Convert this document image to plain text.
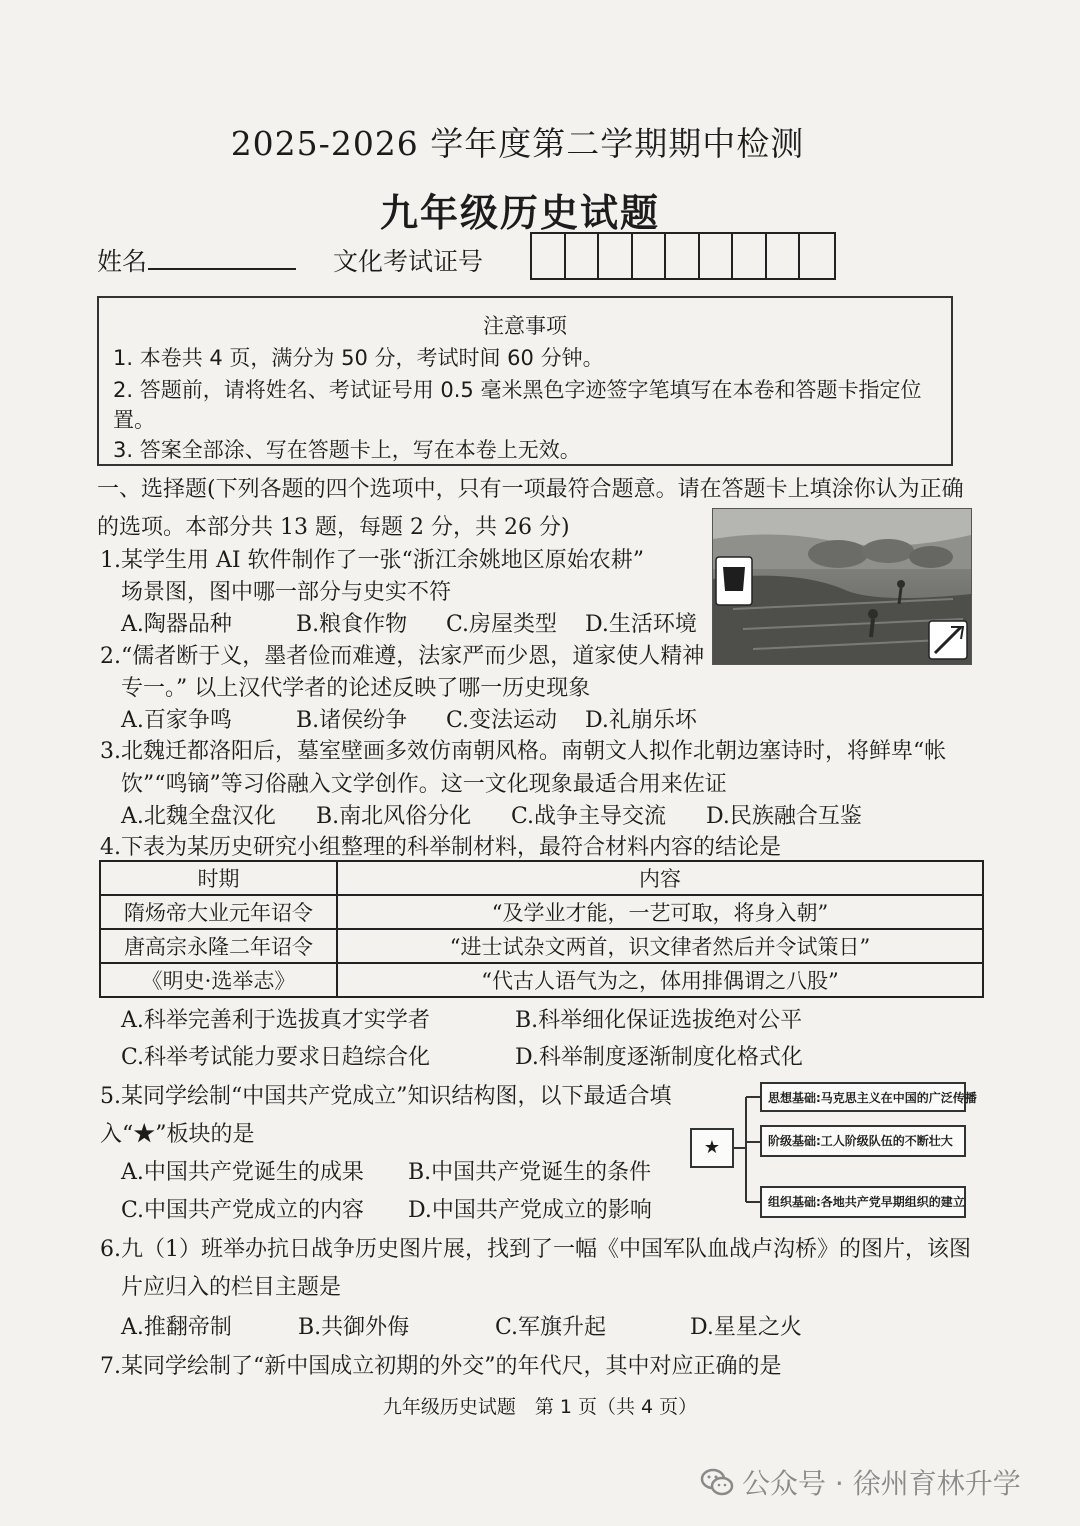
2025-2026 学年度第二学期期中检测
九年级历史试题
姓名	文化考试证号
注意事项
1. 本卷共 4 页，满分为 50 分，考试时间 60 分钟。
2. 答题前，请将姓名、考试证号用 0.5 毫米黑色字迹签字笔填写在本卷和答题卡指定位
置。
3. 答案全部涂、写在答题卡上，写在本卷上无效。
一、选择题(下列各题的四个选项中，只有一项最符合题意。请在答题卡上填涂你认为正确
的选项。本部分共 13 题，每题 2 分，共 26 分)
1.某学生用 AI 软件制作了一张“浙江余姚地区原始农耕”
场景图，图中哪一部分与史实不符
A.陶器品种	B.粮食作物 C.房屋类型 D.生活环境
2.“儒者断于义，墨者俭而难遵，法家严而少恩，道家使人精神
专一。” 以上汉代学者的论述反映了哪一历史现象
A.百家争鸣	B.诸侯纷争 C.变法运动 D.礼崩乐坏
3.北魏迁都洛阳后，墓室壁画多效仿南朝风格。南朝文人拟作北朝边塞诗时，将鲜卑“帐
饮”“鸣镝”等习俗融入文学创作。这一文化现象最适合用来佐证
A.北魏全盘汉化 B.南北风俗分化 C.战争主导交流 D.民族融合互鉴
4.下表为某历史研究小组整理的科举制材料，最符合材料内容的结论是
时期	内容
隋炀帝大业元年诏令	“及学业才能，一艺可取，将身入朝”
唐高宗永隆二年诏令	“进士试杂文两首，识文律者然后并令试策日”
《明史·选举志》	“代古人语气为之，体用排偶谓之八股”
A.科举完善利于选拔真才实学者	B.科举细化保证选拔绝对公平
C.科举考试能力要求日趋综合化	D.科举制度逐渐制度化格式化
5.某同学绘制“中国共产党成立”知识结构图，以下最适合填
入“★”板块的是
A.中国共产党诞生的成果 B.中国共产党诞生的条件
C.中国共产党成立的内容 D.中国共产党成立的影响
★
思想基础:马克思主义在中国的广泛传播
阶级基础:工人阶级队伍的不断壮大
组织基础:各地共产党早期组织的建立
6.九（1）班举办抗日战争历史图片展，找到了一幅《中国军队血战卢沟桥》的图片，该图
片应归入的栏目主题是
A.推翻帝制	B.共御外侮	C.军旗升起	D.星星之火
7.某同学绘制了“新中国成立初期的外交”的年代尺，其中对应正确的是
九年级历史试题　第 1 页（共 4 页）
公众号 · 徐州育林升学
